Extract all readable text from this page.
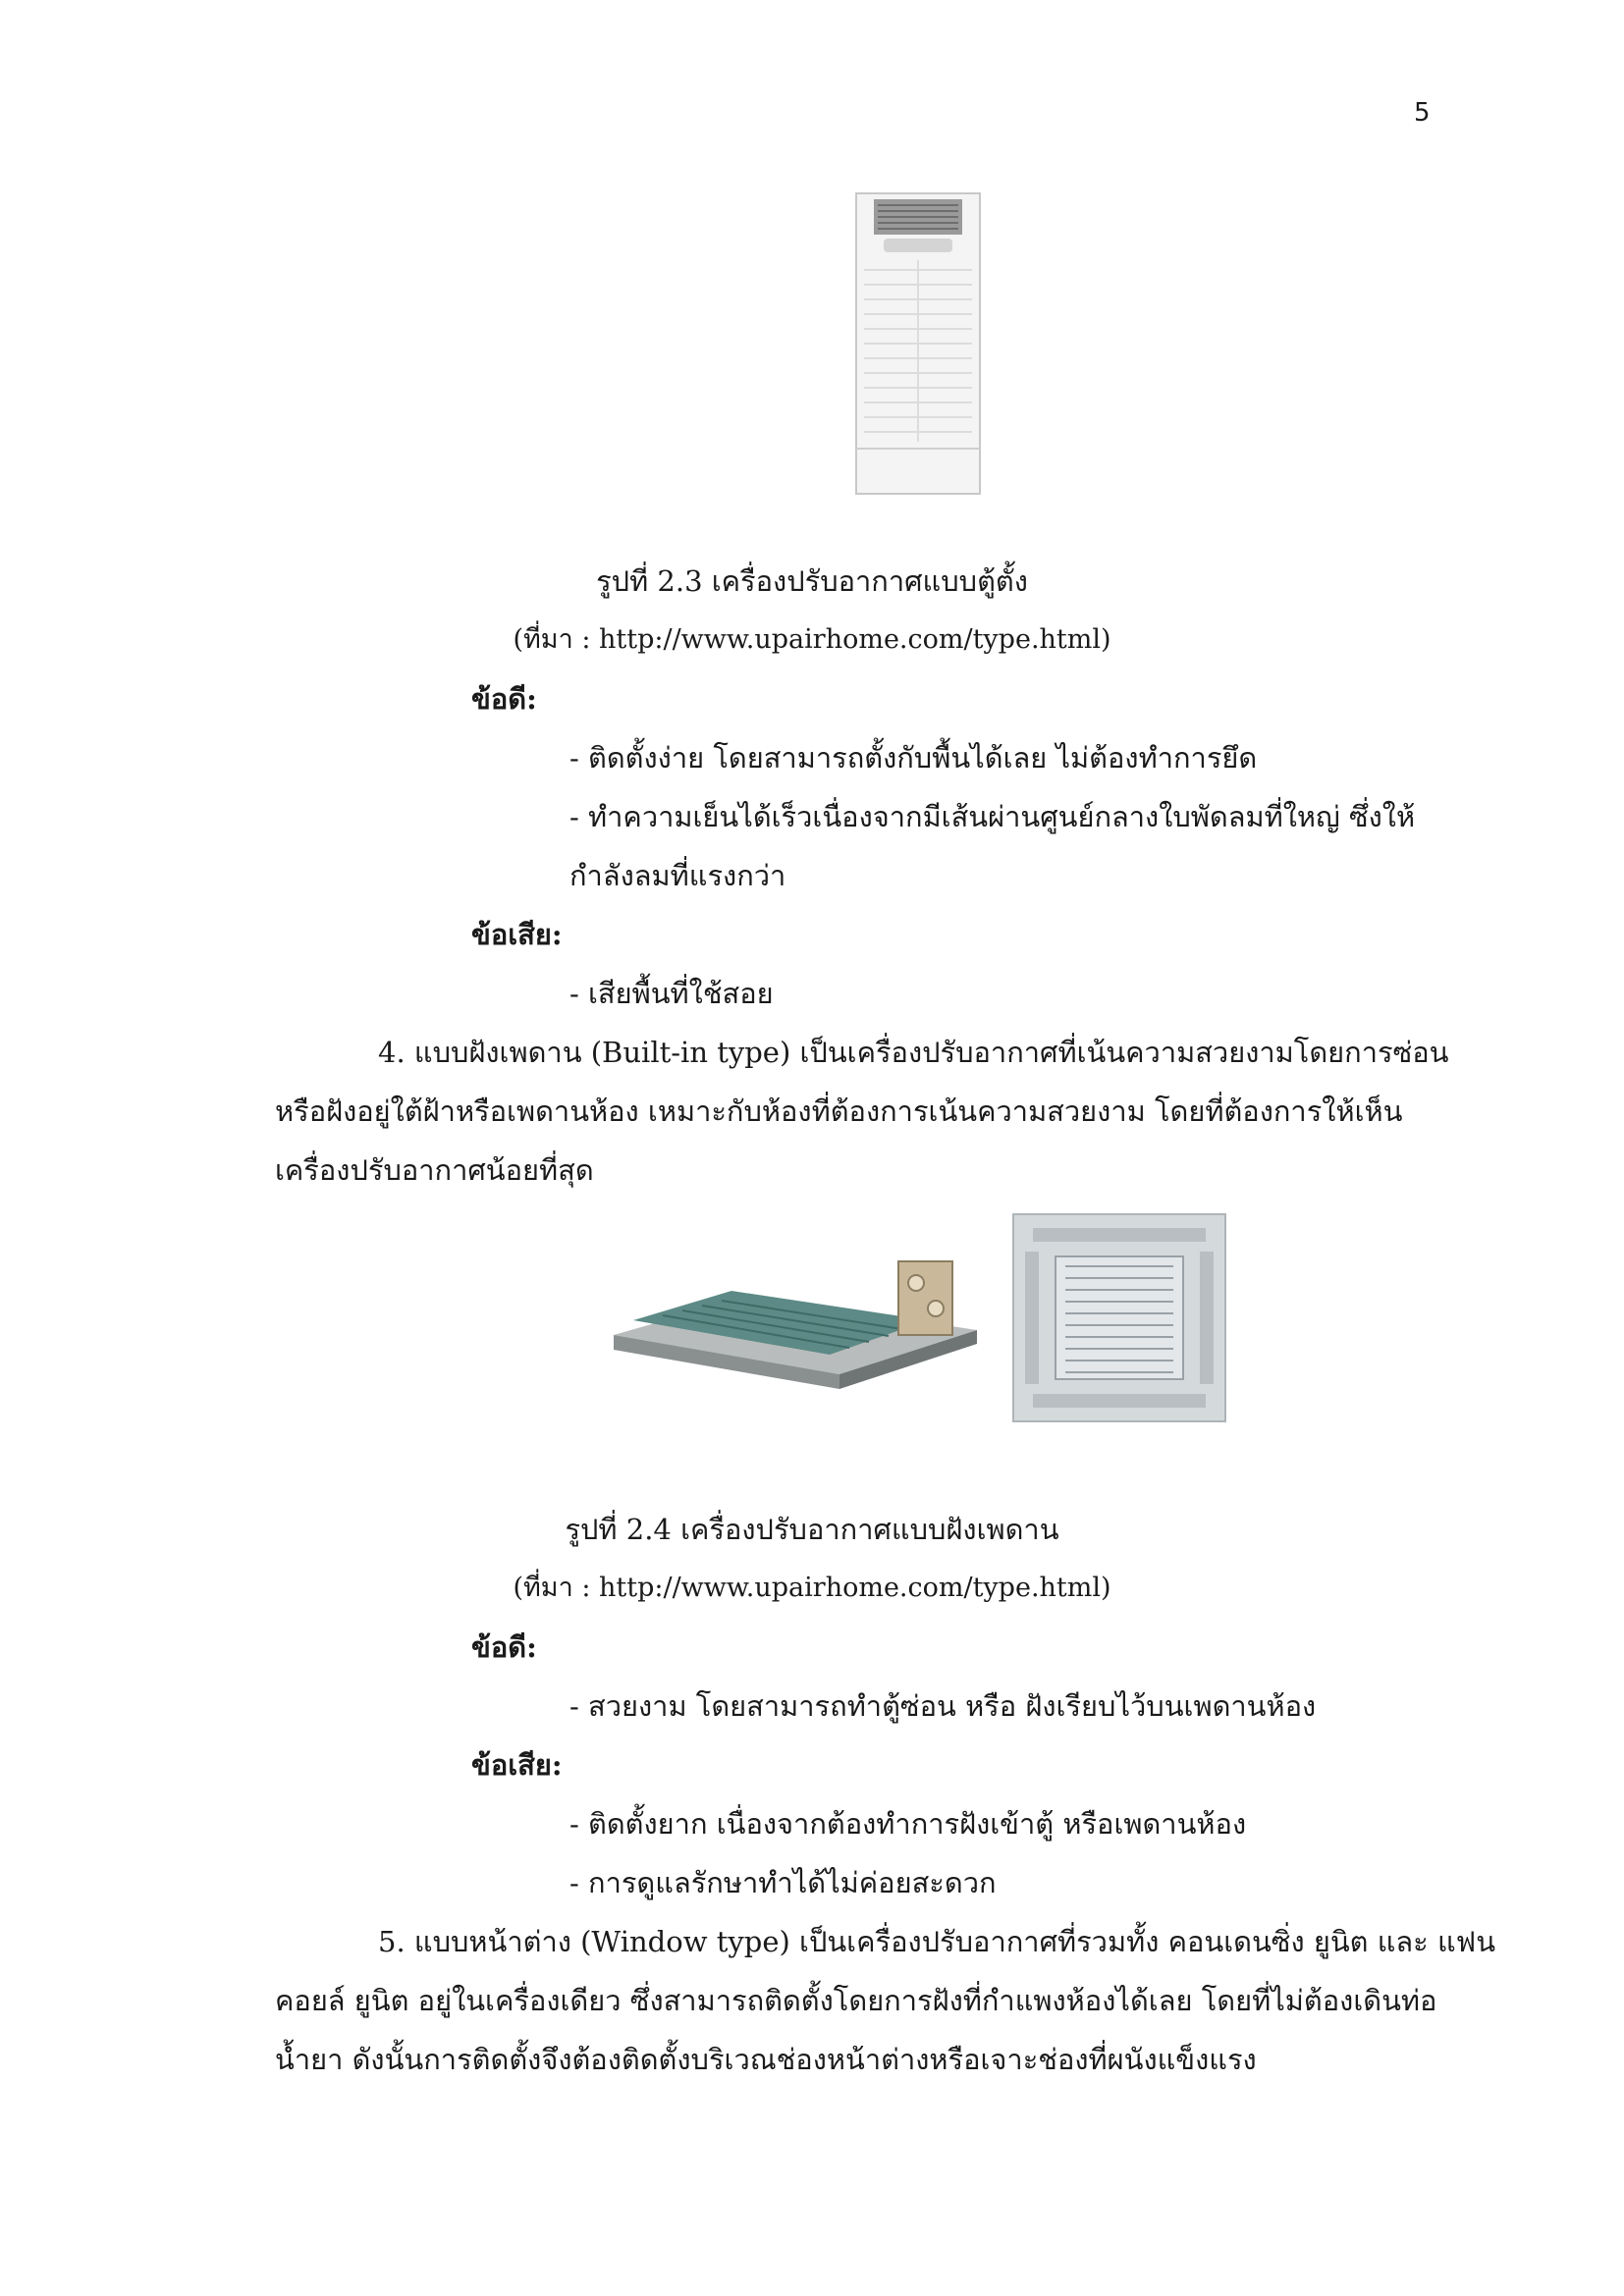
5
รูปที่ 2.3 เครื่องปรับอากาศแบบตู้ตั้ง
(ที่มา : http://www.upairhome.com/type.html)
ข้อดี:
- ติดตั้งง่าย โดยสามารถตั้งกับพื้นได้เลย ไม่ต้องทำการยึด
- ทำความเย็นได้เร็วเนื่องจากมีเส้นผ่านศูนย์กลางใบพัดลมที่ใหญ่ ซึ่งให้
กำลังลมที่แรงกว่า
ข้อเสีย:
- เสียพื้นที่ใช้สอย
4. แบบฝังเพดาน (Built-in type) เป็นเครื่องปรับอากาศที่เน้นความสวยงามโดยการซ่อน
หรือฝังอยู่ใต้ฝ้าหรือเพดานห้อง เหมาะกับห้องที่ต้องการเน้นความสวยงาม โดยที่ต้องการให้เห็น
เครื่องปรับอากาศน้อยที่สุด
รูปที่ 2.4 เครื่องปรับอากาศแบบฝังเพดาน
(ที่มา : http://www.upairhome.com/type.html)
ข้อดี:
- สวยงาม โดยสามารถทำตู้ซ่อน หรือ ฝังเรียบไว้บนเพดานห้อง
ข้อเสีย:
- ติดตั้งยาก เนื่องจากต้องทำการฝังเข้าตู้ หรือเพดานห้อง
- การดูแลรักษาทำได้ไม่ค่อยสะดวก
5. แบบหน้าต่าง (Window type) เป็นเครื่องปรับอากาศที่รวมทั้ง คอนเดนซิ่ง ยูนิต และ แฟน
คอยล์ ยูนิต อยู่ในเครื่องเดียว ซึ่งสามารถติดตั้งโดยการฝังที่กำแพงห้องได้เลย โดยที่ไม่ต้องเดินท่อ
น้ำยา ดังนั้นการติดตั้งจึงต้องติดตั้งบริเวณช่องหน้าต่างหรือเจาะช่องที่ผนังแข็งแรง
